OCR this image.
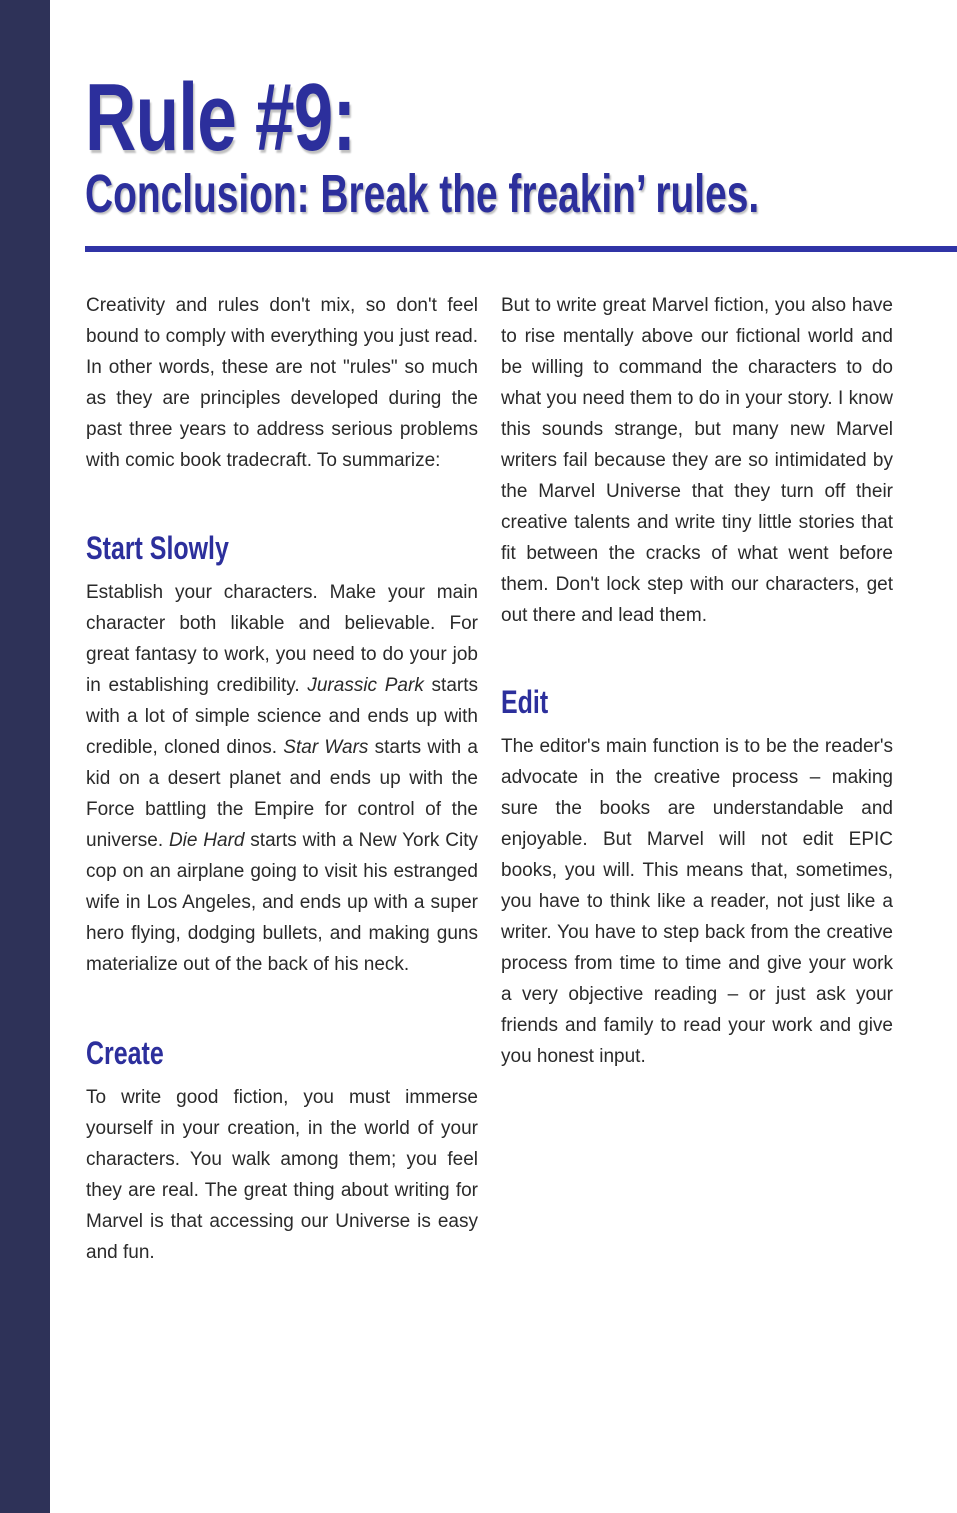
Rule #9:
Conclusion: Break the freakin’ rules.

Creativity and rules don't mix, so don't feel bound to comply with everything you just read. In other words, these are not "rules" so much as they are principles developed during the past three years to address serious problems with comic book tradecraft. To summarize:

Start Slowly

Establish your characters. Make your main character both likable and believable. For great fantasy to work, you need to do your job in establishing credibility. Jurassic Park starts with a lot of simple science and ends up with credible, cloned dinos. Star Wars starts with a kid on a desert planet and ends up with the Force battling the Empire for control of the universe. Die Hard starts with a New York City cop on an airplane going to visit his estranged wife in Los Angeles, and ends up with a super hero flying, dodging bullets, and making guns materialize out of the back of his neck.

Create

To write good fiction, you must immerse yourself in your creation, in the world of your characters. You walk among them; you feel they are real. The great thing about writing for Marvel is that accessing our Universe is easy and fun.

But to write great Marvel fiction, you also have to rise mentally above our fictional world and be willing to command the characters to do what you need them to do in your story. I know this sounds strange, but many new Marvel writers fail because they are so intimidated by the Marvel Universe that they turn off their creative talents and write tiny little stories that fit between the cracks of what went before them. Don't lock step with our characters, get out there and lead them.

Edit

The editor's main function is to be the reader's advocate in the creative process – making sure the books are understandable and enjoyable. But Marvel will not edit EPIC books, you will. This means that, sometimes, you have to think like a reader, not just like a writer. You have to step back from the creative process from time to time and give your work a very objective reading – or just ask your friends and family to read your work and give you honest input.
